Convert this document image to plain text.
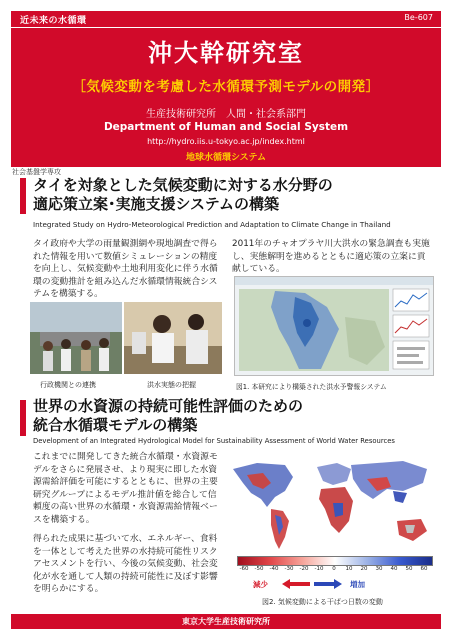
近未来の水循環	Be-607
沖大幹研究室
［気候変動を考慮した水循環予測モデルの開発］
生産技術研究所　人間・社会系部門
Department of Human and Social System
http://hydro.iis.u-tokyo.ac.jp/index.html
地球水循環システム
社会基盤学専攻
タイを対象とした気候変動に対する水分野の
適応策立案･実施支援システムの構築
Integrated Study on Hydro-Meteorological Prediction and Adaptation to Climate Change in Thailand
タイ政府や大学の雨量観測網や現地調査で得られた情報を用いて数値シミュレーションの精度を向上し、気候変動や土地利用変化に伴う水循環の変動推計を組み込んだ水循環情報統合システムを構築する。
2011年のチャオプラヤ川大洪水の緊急調査も実施し、実態解明を進めるとともに適応策の立案に貢献している。
行政機関との連携	洪水実態の把握	図1. 本研究により構築された洪水予警報システム
世界の水資源の持続可能性評価のための
統合水循環モデルの構築
Development of an Integrated Hydrological Model for Sustainability Assessment of World Water Resources
これまでに開発してきた統合水循環・水資源モデルをさらに発展させ、より現実に即した水資源需給評価を可能にするとともに、世界の主要研究グループによるモデル推計値を総合して信頼度の高い世界の水循環・水資源需給情報ベースを構築する。
得られた成果に基づいて水、エネルギー、食料を一体として考えた世界の水持続可能性リスクアセスメントを行い、今後の気候変動、社会変化が水を通して人類の持続可能性に及ぼす影響を明らかにする。
-60	-50	-40	-30	-20	-10	0	10	20	30	40	50	60
減少	増加
図2. 気候変動による干ばつ日数の変動
東京大学生産技術研究所
